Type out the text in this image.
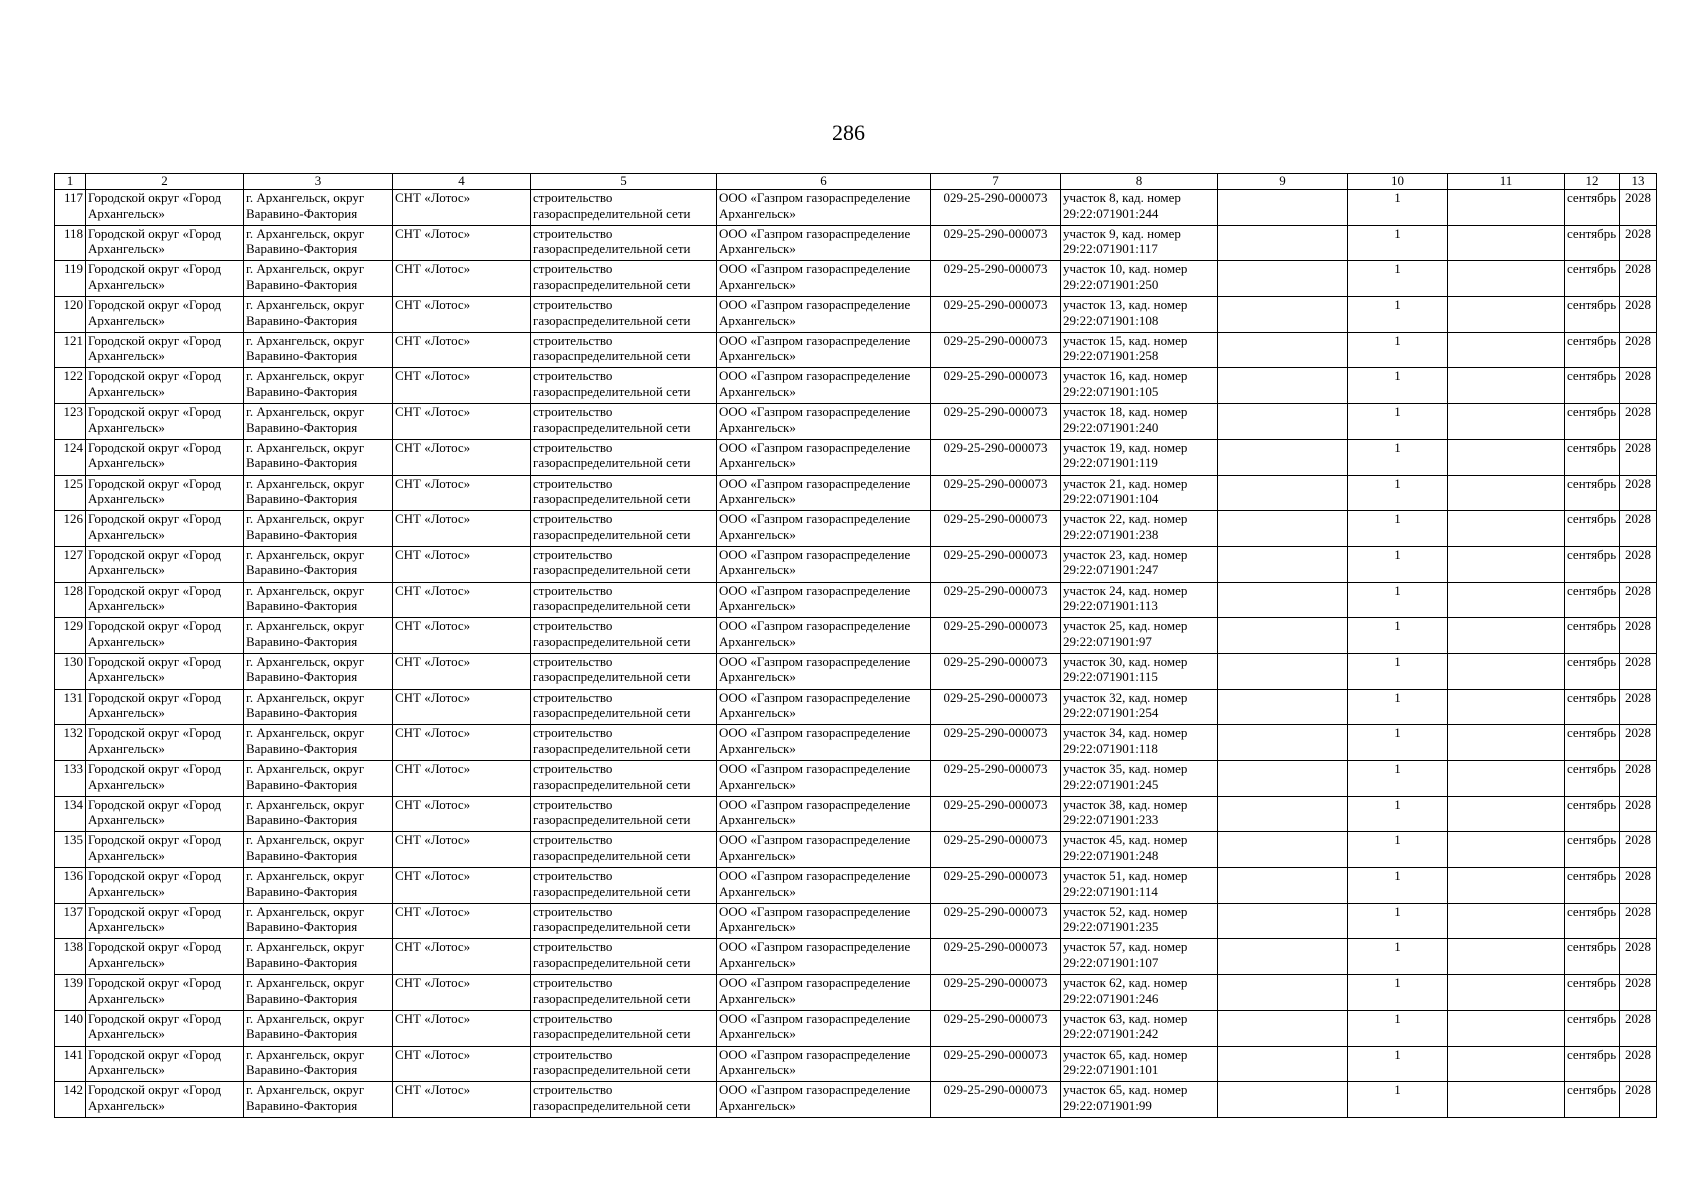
286
1	2	3	4	5	6	7	8	9	10	11	12	13
117	Городской округ «Город Архангельск»	г. Архангельск, округ Варавино-Фактория	СНТ «Лотос»	строительство газораспределительной сети	ООО «Газпром газораспределение Архангельск»	029-25-290-000073	участок 8, кад. номер 29:22:071901:244		1		сентябрь	2028
118	Городской округ «Город Архангельск»	г. Архангельск, округ Варавино-Фактория	СНТ «Лотос»	строительство газораспределительной сети	ООО «Газпром газораспределение Архангельск»	029-25-290-000073	участок 9, кад. номер 29:22:071901:117		1		сентябрь	2028
119	Городской округ «Город Архангельск»	г. Архангельск, округ Варавино-Фактория	СНТ «Лотос»	строительство газораспределительной сети	ООО «Газпром газораспределение Архангельск»	029-25-290-000073	участок 10, кад. номер 29:22:071901:250		1		сентябрь	2028
120	Городской округ «Город Архангельск»	г. Архангельск, округ Варавино-Фактория	СНТ «Лотос»	строительство газораспределительной сети	ООО «Газпром газораспределение Архангельск»	029-25-290-000073	участок 13, кад. номер 29:22:071901:108		1		сентябрь	2028
121	Городской округ «Город Архангельск»	г. Архангельск, округ Варавино-Фактория	СНТ «Лотос»	строительство газораспределительной сети	ООО «Газпром газораспределение Архангельск»	029-25-290-000073	участок 15, кад. номер 29:22:071901:258		1		сентябрь	2028
122	Городской округ «Город Архангельск»	г. Архангельск, округ Варавино-Фактория	СНТ «Лотос»	строительство газораспределительной сети	ООО «Газпром газораспределение Архангельск»	029-25-290-000073	участок 16, кад. номер 29:22:071901:105		1		сентябрь	2028
123	Городской округ «Город Архангельск»	г. Архангельск, округ Варавино-Фактория	СНТ «Лотос»	строительство газораспределительной сети	ООО «Газпром газораспределение Архангельск»	029-25-290-000073	участок 18, кад. номер 29:22:071901:240		1		сентябрь	2028
124	Городской округ «Город Архангельск»	г. Архангельск, округ Варавино-Фактория	СНТ «Лотос»	строительство газораспределительной сети	ООО «Газпром газораспределение Архангельск»	029-25-290-000073	участок 19, кад. номер 29:22:071901:119		1		сентябрь	2028
125	Городской округ «Город Архангельск»	г. Архангельск, округ Варавино-Фактория	СНТ «Лотос»	строительство газораспределительной сети	ООО «Газпром газораспределение Архангельск»	029-25-290-000073	участок 21, кад. номер 29:22:071901:104		1		сентябрь	2028
126	Городской округ «Город Архангельск»	г. Архангельск, округ Варавино-Фактория	СНТ «Лотос»	строительство газораспределительной сети	ООО «Газпром газораспределение Архангельск»	029-25-290-000073	участок 22, кад. номер 29:22:071901:238		1		сентябрь	2028
127	Городской округ «Город Архангельск»	г. Архангельск, округ Варавино-Фактория	СНТ «Лотос»	строительство газораспределительной сети	ООО «Газпром газораспределение Архангельск»	029-25-290-000073	участок 23, кад. номер 29:22:071901:247		1		сентябрь	2028
128	Городской округ «Город Архангельск»	г. Архангельск, округ Варавино-Фактория	СНТ «Лотос»	строительство газораспределительной сети	ООО «Газпром газораспределение Архангельск»	029-25-290-000073	участок 24, кад. номер 29:22:071901:113		1		сентябрь	2028
129	Городской округ «Город Архангельск»	г. Архангельск, округ Варавино-Фактория	СНТ «Лотос»	строительство газораспределительной сети	ООО «Газпром газораспределение Архангельск»	029-25-290-000073	участок 25, кад. номер 29:22:071901:97		1		сентябрь	2028
130	Городской округ «Город Архангельск»	г. Архангельск, округ Варавино-Фактория	СНТ «Лотос»	строительство газораспределительной сети	ООО «Газпром газораспределение Архангельск»	029-25-290-000073	участок 30, кад. номер 29:22:071901:115		1		сентябрь	2028
131	Городской округ «Город Архангельск»	г. Архангельск, округ Варавино-Фактория	СНТ «Лотос»	строительство газораспределительной сети	ООО «Газпром газораспределение Архангельск»	029-25-290-000073	участок 32, кад. номер 29:22:071901:254		1		сентябрь	2028
132	Городской округ «Город Архангельск»	г. Архангельск, округ Варавино-Фактория	СНТ «Лотос»	строительство газораспределительной сети	ООО «Газпром газораспределение Архангельск»	029-25-290-000073	участок 34, кад. номер 29:22:071901:118		1		сентябрь	2028
133	Городской округ «Город Архангельск»	г. Архангельск, округ Варавино-Фактория	СНТ «Лотос»	строительство газораспределительной сети	ООО «Газпром газораспределение Архангельск»	029-25-290-000073	участок 35, кад. номер 29:22:071901:245		1		сентябрь	2028
134	Городской округ «Город Архангельск»	г. Архангельск, округ Варавино-Фактория	СНТ «Лотос»	строительство газораспределительной сети	ООО «Газпром газораспределение Архангельск»	029-25-290-000073	участок 38, кад. номер 29:22:071901:233		1		сентябрь	2028
135	Городской округ «Город Архангельск»	г. Архангельск, округ Варавино-Фактория	СНТ «Лотос»	строительство газораспределительной сети	ООО «Газпром газораспределение Архангельск»	029-25-290-000073	участок 45, кад. номер 29:22:071901:248		1		сентябрь	2028
136	Городской округ «Город Архангельск»	г. Архангельск, округ Варавино-Фактория	СНТ «Лотос»	строительство газораспределительной сети	ООО «Газпром газораспределение Архангельск»	029-25-290-000073	участок 51, кад. номер 29:22:071901:114		1		сентябрь	2028
137	Городской округ «Город Архангельск»	г. Архангельск, округ Варавино-Фактория	СНТ «Лотос»	строительство газораспределительной сети	ООО «Газпром газораспределение Архангельск»	029-25-290-000073	участок 52, кад. номер 29:22:071901:235		1		сентябрь	2028
138	Городской округ «Город Архангельск»	г. Архангельск, округ Варавино-Фактория	СНТ «Лотос»	строительство газораспределительной сети	ООО «Газпром газораспределение Архангельск»	029-25-290-000073	участок 57, кад. номер 29:22:071901:107		1		сентябрь	2028
139	Городской округ «Город Архангельск»	г. Архангельск, округ Варавино-Фактория	СНТ «Лотос»	строительство газораспределительной сети	ООО «Газпром газораспределение Архангельск»	029-25-290-000073	участок 62, кад. номер 29:22:071901:246		1		сентябрь	2028
140	Городской округ «Город Архангельск»	г. Архангельск, округ Варавино-Фактория	СНТ «Лотос»	строительство газораспределительной сети	ООО «Газпром газораспределение Архангельск»	029-25-290-000073	участок 63, кад. номер 29:22:071901:242		1		сентябрь	2028
141	Городской округ «Город Архангельск»	г. Архангельск, округ Варавино-Фактория	СНТ «Лотос»	строительство газораспределительной сети	ООО «Газпром газораспределение Архангельск»	029-25-290-000073	участок 65, кад. номер 29:22:071901:101		1		сентябрь	2028
142	Городской округ «Город Архангельск»	г. Архангельск, округ Варавино-Фактория	СНТ «Лотос»	строительство газораспределительной сети	ООО «Газпром газораспределение Архангельск»	029-25-290-000073	участок 65, кад. номер 29:22:071901:99		1		сентябрь	2028
